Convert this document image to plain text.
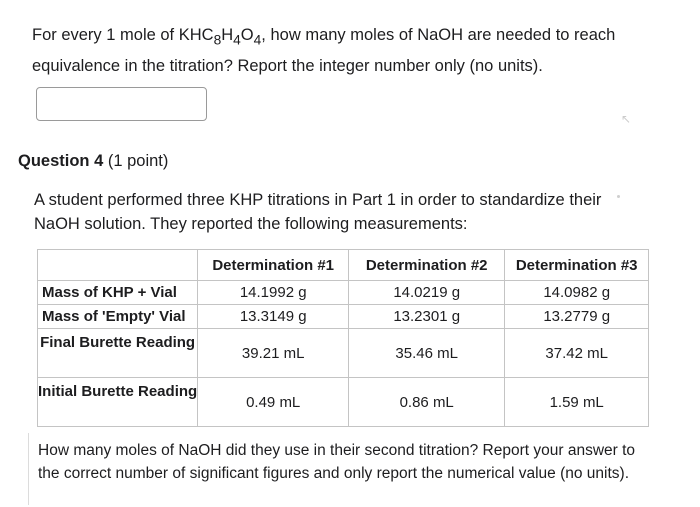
For every 1 mole of $KHC_8H_4O_4$, how many moles of NaOH are needed to reach equivalence in the titration? Report the integer number only (no units).
↖
Question 4 (1 point)
A student performed three KHP titrations in Part 1 in order to standardize their NaOH solution. They reported the following measurements:
	Determination #1	Determination #2	Determination #3
Mass of KHP + Vial	14.1992 g	14.0219 g	14.0982 g
Mass of 'Empty' Vial	13.3149 g	13.2301 g	13.2779 g
Final Burette Reading	39.21 mL	35.46 mL	37.42 mL
Initial Burette Reading	0.49 mL	0.86 mL	1.59 mL
How many moles of NaOH did they use in their second titration? Report your answer to the correct number of significant figures and only report the numerical value (no units).
